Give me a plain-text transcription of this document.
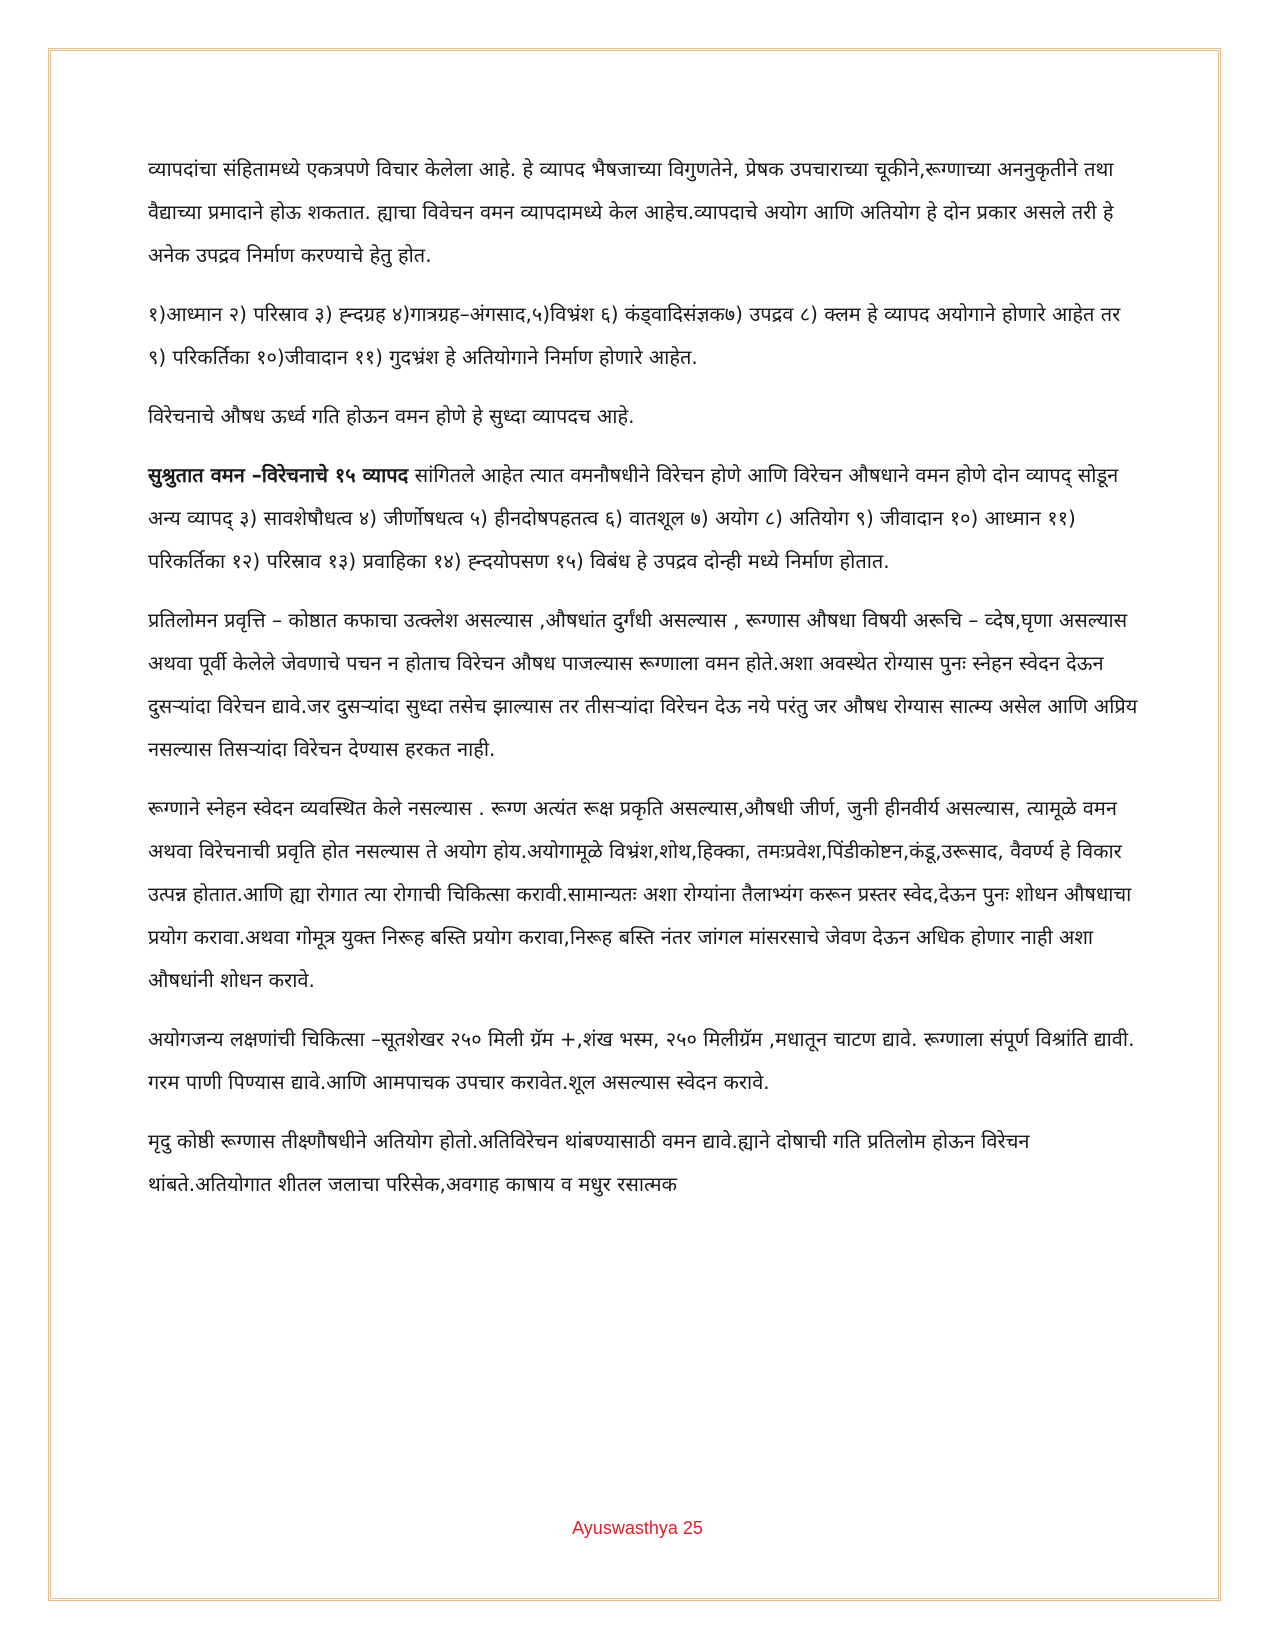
व्यापदांचा संहितामध्ये एकत्रपणे विचार केलेला आहे. हे व्यापद भैषजाच्या विगुणतेने, प्रेषक उपचाराच्या चूकीने,रूग्णाच्या अननुकृतीने तथा वैद्याच्या प्रमादाने होऊ शकतात. ह्याचा विवेचन वमन व्यापदामध्ये केल आहेच.व्यापदाचे अयोग आणि अतियोग हे दोन प्रकार असले तरी हे अनेक उपद्रव निर्माण करण्याचे हेतु होत.

१)आध्मान २) परिस्राव ३) ह्न्दग्रह ४)गात्रग्रह–अंगसाद,५)विभ्रंश ६) कंड्वादिसंज्ञक७) उपद्रव ८) क्लम हे व्यापद अयोगाने होणारे आहेत तर ९) परिकर्तिका १०)जीवादान ११) गुदभ्रंश हे अतियोगाने निर्माण होणारे आहेत.

विरेचनाचे औषध ऊर्ध्व गति होऊन वमन होणे हे सुध्दा व्यापदच आहे.

सुश्रुतात वमन –विरेचनाचे १५ व्यापद सांगितले आहेत त्यात वमनौषधीने विरेचन होणे आणि विरेचन औषधाने वमन होणे दोन व्यापद् सोडून अन्य व्यापद् ३) सावशेषौधत्व ४) जीर्णोषधत्व ५) हीनदोषपहतत्व ६) वातशूल ७) अयोग ८) अतियोग ९) जीवादान १०) आध्मान ११) परिकर्तिका १२) परिस्राव १३) प्रवाहिका १४) ह्न्दयोपसण १५) विबंध हे उपद्रव दोन्ही मध्ये निर्माण होतात.

प्रतिलोमन प्रवृत्ति – कोष्ठात कफाचा उत्क्लेश असल्यास ,औषधांत दुर्गंधी असल्यास , रूग्णास औषधा विषयी अरूचि – व्देष,घृणा असल्यास अथवा पूर्वी केलेले जेवणाचे पचन न होताच विरेचन औषध पाजल्यास रूग्णाला वमन होते.अशा अवस्थेत रोग्यास पुनः स्नेहन स्वेदन देऊन दुसऱ्यांदा विरेचन द्यावे.जर दुसऱ्यांदा सुध्दा तसेच झाल्यास तर तीसऱ्यांदा विरेचन देऊ नये परंतु जर औषध रोग्यास सात्म्य असेल आणि अप्रिय नसल्यास तिसऱ्यांदा विरेचन देण्यास हरकत नाही.

रूग्णाने स्नेहन स्वेदन व्यवस्थित केले नसल्यास . रूग्ण अत्यंत रूक्ष प्रकृति असल्यास,औषधी जीर्ण, जुनी हीनवीर्य असल्यास, त्यामूळे वमन अथवा विरेचनाची प्रवृति होत नसल्यास ते अयोग होय.अयोगामूळे विभ्रंश,शोथ,हिक्का, तमःप्रवेश,पिंडीकोष्टन,कंडू,उरूसाद, वैवर्ण्य हे विकार उत्पन्न होतात.आणि ह्या रोगात त्या रोगाची चिकित्सा करावी.सामान्यतः अशा रोग्यांना तैलाभ्यंग करून प्रस्तर स्वेद,देऊन पुनः शोधन औषधाचा प्रयोग करावा.अथवा गोमूत्र युक्त निरूह बस्ति प्रयोग करावा,निरूह बस्ति नंतर जांगल मांसरसाचे जेवण देऊन अधिक होणार नाही अशा औषधांनी शोधन करावे.

अयोगजन्य लक्षणांची चिकित्सा –सूतशेखर २५० मिली ग्रॅम +,शंख भस्म, २५० मिलीग्रॅम ,मधातून चाटण द्यावे. रूग्णाला संपूर्ण विश्रांति द्यावी. गरम पाणी पिण्यास द्यावे.आणि आमपाचक उपचार करावेत.शूल असल्यास स्वेदन करावे.

मृदु कोष्ठी रूग्णास तीक्ष्णौषधीने अतियोग होतो.अतिविरेचन थांबण्यासाठी वमन द्यावे.ह्याने दोषाची गति प्रतिलोम होऊन विरेचन थांबते.अतियोगात शीतल जलाचा परिसेक,अवगाह काषाय व मधुर रसात्मक

Ayuswasthya 25
